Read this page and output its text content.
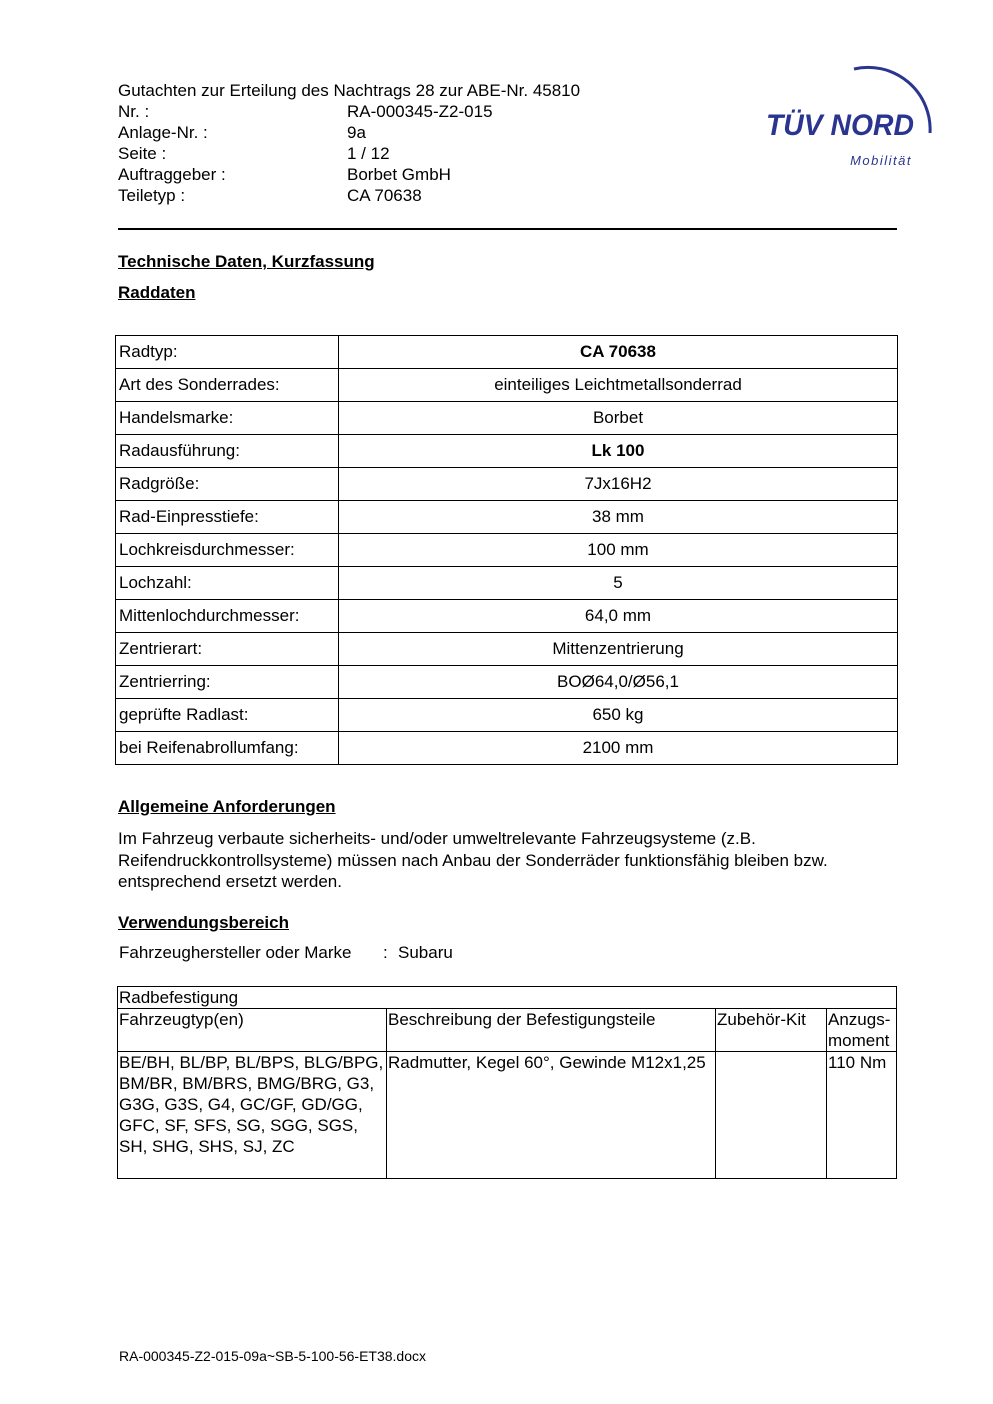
Gutachten zur Erteilung des Nachtrags 28 zur ABE-Nr. 45810
Nr. :	RA-000345-Z2-015
Anlage-Nr. :	9a
Seite :	1 / 12
Auftraggeber :	Borbet GmbH
Teiletyp :	CA 70638
TÜV NORD
Mobilität
Technische Daten, Kurzfassung
Raddaten
Radtyp:	CA 70638
Art des Sonderrades:	einteiliges Leichtmetallsonderrad
Handelsmarke:	Borbet
Radausführung:	Lk 100
Radgröße:	7Jx16H2
Rad-Einpresstiefe:	38 mm
Lochkreisdurchmesser:	100 mm
Lochzahl:	5
Mittenlochdurchmesser:	64,0 mm
Zentrierart:	Mittenzentrierung
Zentrierring:	BOØ64,0/Ø56,1
geprüfte Radlast:	650 kg
bei Reifenabrollumfang:	2100 mm
Allgemeine Anforderungen
Im Fahrzeug verbaute sicherheits- und/oder umweltrelevante Fahrzeugsysteme (z.B. Reifendruckkontrollsysteme) müssen nach Anbau der Sonderräder funktionsfähig bleiben bzw. entsprechend ersetzt werden.
Verwendungsbereich
Fahrzeughersteller oder Marke : Subaru
Radbefestigung			
Fahrzeugtyp(en)	Beschreibung der Befestigungsteile	Zubehör-Kit	Anzugs-moment
BE/BH, BL/BP, BL/BPS, BLG/BPG, BM/BR, BM/BRS, BMG/BRG, G3, G3G, G3S, G4, GC/GF, GD/GG, GFC, SF, SFS, SG, SGG, SGS, SH, SHG, SHS, SJ, ZC	Radmutter, Kegel 60°, Gewinde M12x1,25		110 Nm
RA-000345-Z2-015-09a~SB-5-100-56-ET38.docx
